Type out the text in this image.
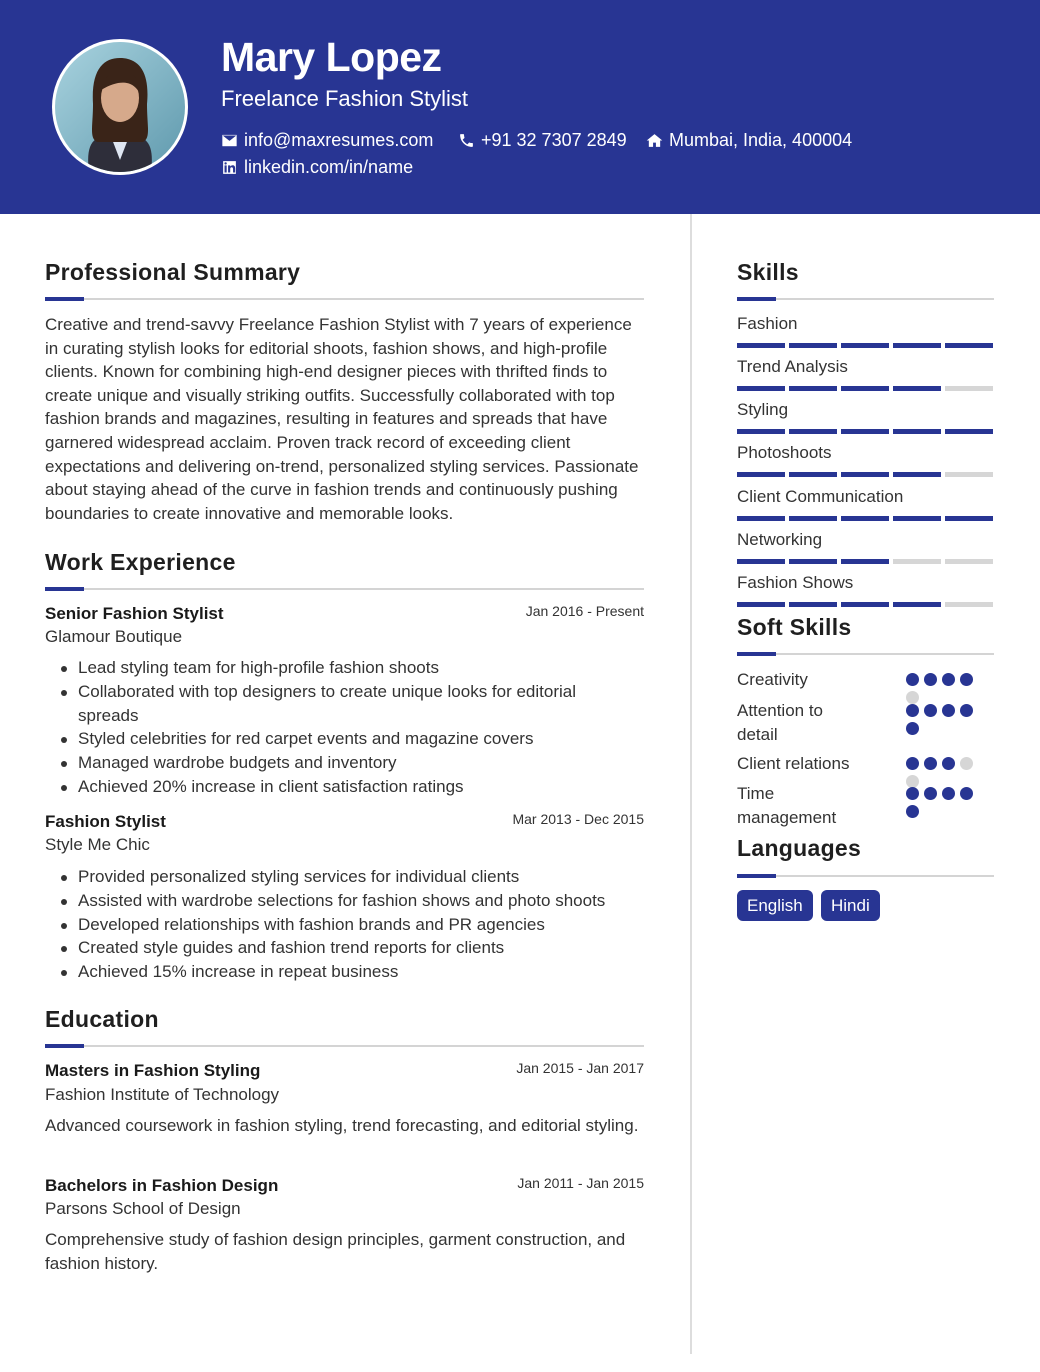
Mary Lopez
Freelance Fashion Stylist
info@maxresumes.com	+91 32 7307 2849 Mumbai, India, 400004
linkedin.com/in/name
Professional Summary
Creative and trend-savvy Freelance Fashion Stylist with 7 years of experience in curating stylish looks for editorial shoots, fashion shows, and high-profile clients. Known for combining high-end designer pieces with thrifted finds to create unique and visually striking outfits. Successfully collaborated with top fashion brands and magazines, resulting in features and spreads that have garnered widespread acclaim. Proven track record of exceeding client expectations and delivering on-trend, personalized styling services. Passionate about staying ahead of the curve in fashion trends and continuously pushing boundaries to create innovative and memorable looks.
Work Experience
Senior Fashion Stylist	Jan 2016 - Present
Glamour Boutique
Lead styling team for high-profile fashion shoots
Collaborated with top designers to create unique looks for editorial spreads
Styled celebrities for red carpet events and magazine covers
Managed wardrobe budgets and inventory
Achieved 20% increase in client satisfaction ratings
Fashion Stylist	Mar 2013 - Dec 2015
Style Me Chic
Provided personalized styling services for individual clients
Assisted with wardrobe selections for fashion shows and photo shoots
Developed relationships with fashion brands and PR agencies
Created style guides and fashion trend reports for clients
Achieved 15% increase in repeat business
Education
Masters in Fashion Styling	Jan 2015 - Jan 2017
Fashion Institute of Technology
Advanced coursework in fashion styling, trend forecasting, and editorial styling.
Bachelors in Fashion Design	Jan 2011 - Jan 2015
Parsons School of Design
Comprehensive study of fashion design principles, garment construction, and fashion history.
Skills
Fashion
Trend Analysis
Styling
Photoshoots
Client Communication
Networking
Fashion Shows
Soft Skills
Creativity
Attention to detail
Client relations
Time management
Languages
English	Hindi
